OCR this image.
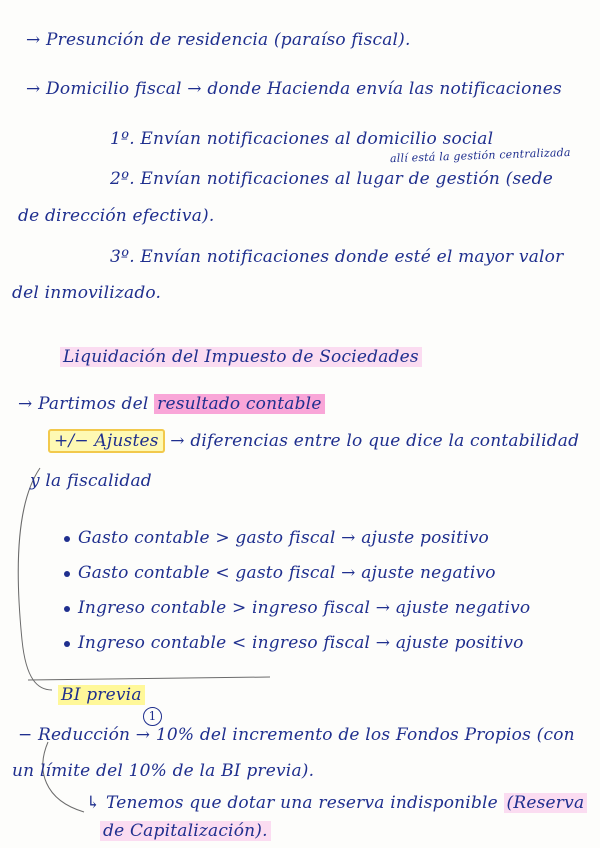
→ Presunción de residencia (paraíso fiscal).
→ Domicilio fiscal → donde Hacienda envía las notificaciones
1º. Envían notificaciones al domicilio social
allí está la gestión centralizada
2º. Envían notificaciones al lugar de gestión (sede
de dirección efectiva).
3º. Envían notificaciones donde esté el mayor valor
del inmovilizado.
Liquidación del Impuesto de Sociedades
→ Partimos del resultado contable
+/− Ajustes → diferencias entre lo que dice la contabilidad
y la fiscalidad
Gasto contable > gasto fiscal → ajuste positivo
Gasto contable < gasto fiscal → ajuste negativo
Ingreso contable > ingreso fiscal → ajuste negativo
Ingreso contable < ingreso fiscal → ajuste positivo
BI previa
1
− Reducción → 10% del incremento de los Fondos Propios (con
un límite del 10% de la BI previa).
↳ Tenemos que dotar una reserva indisponible (Reserva
de Capitalización).
